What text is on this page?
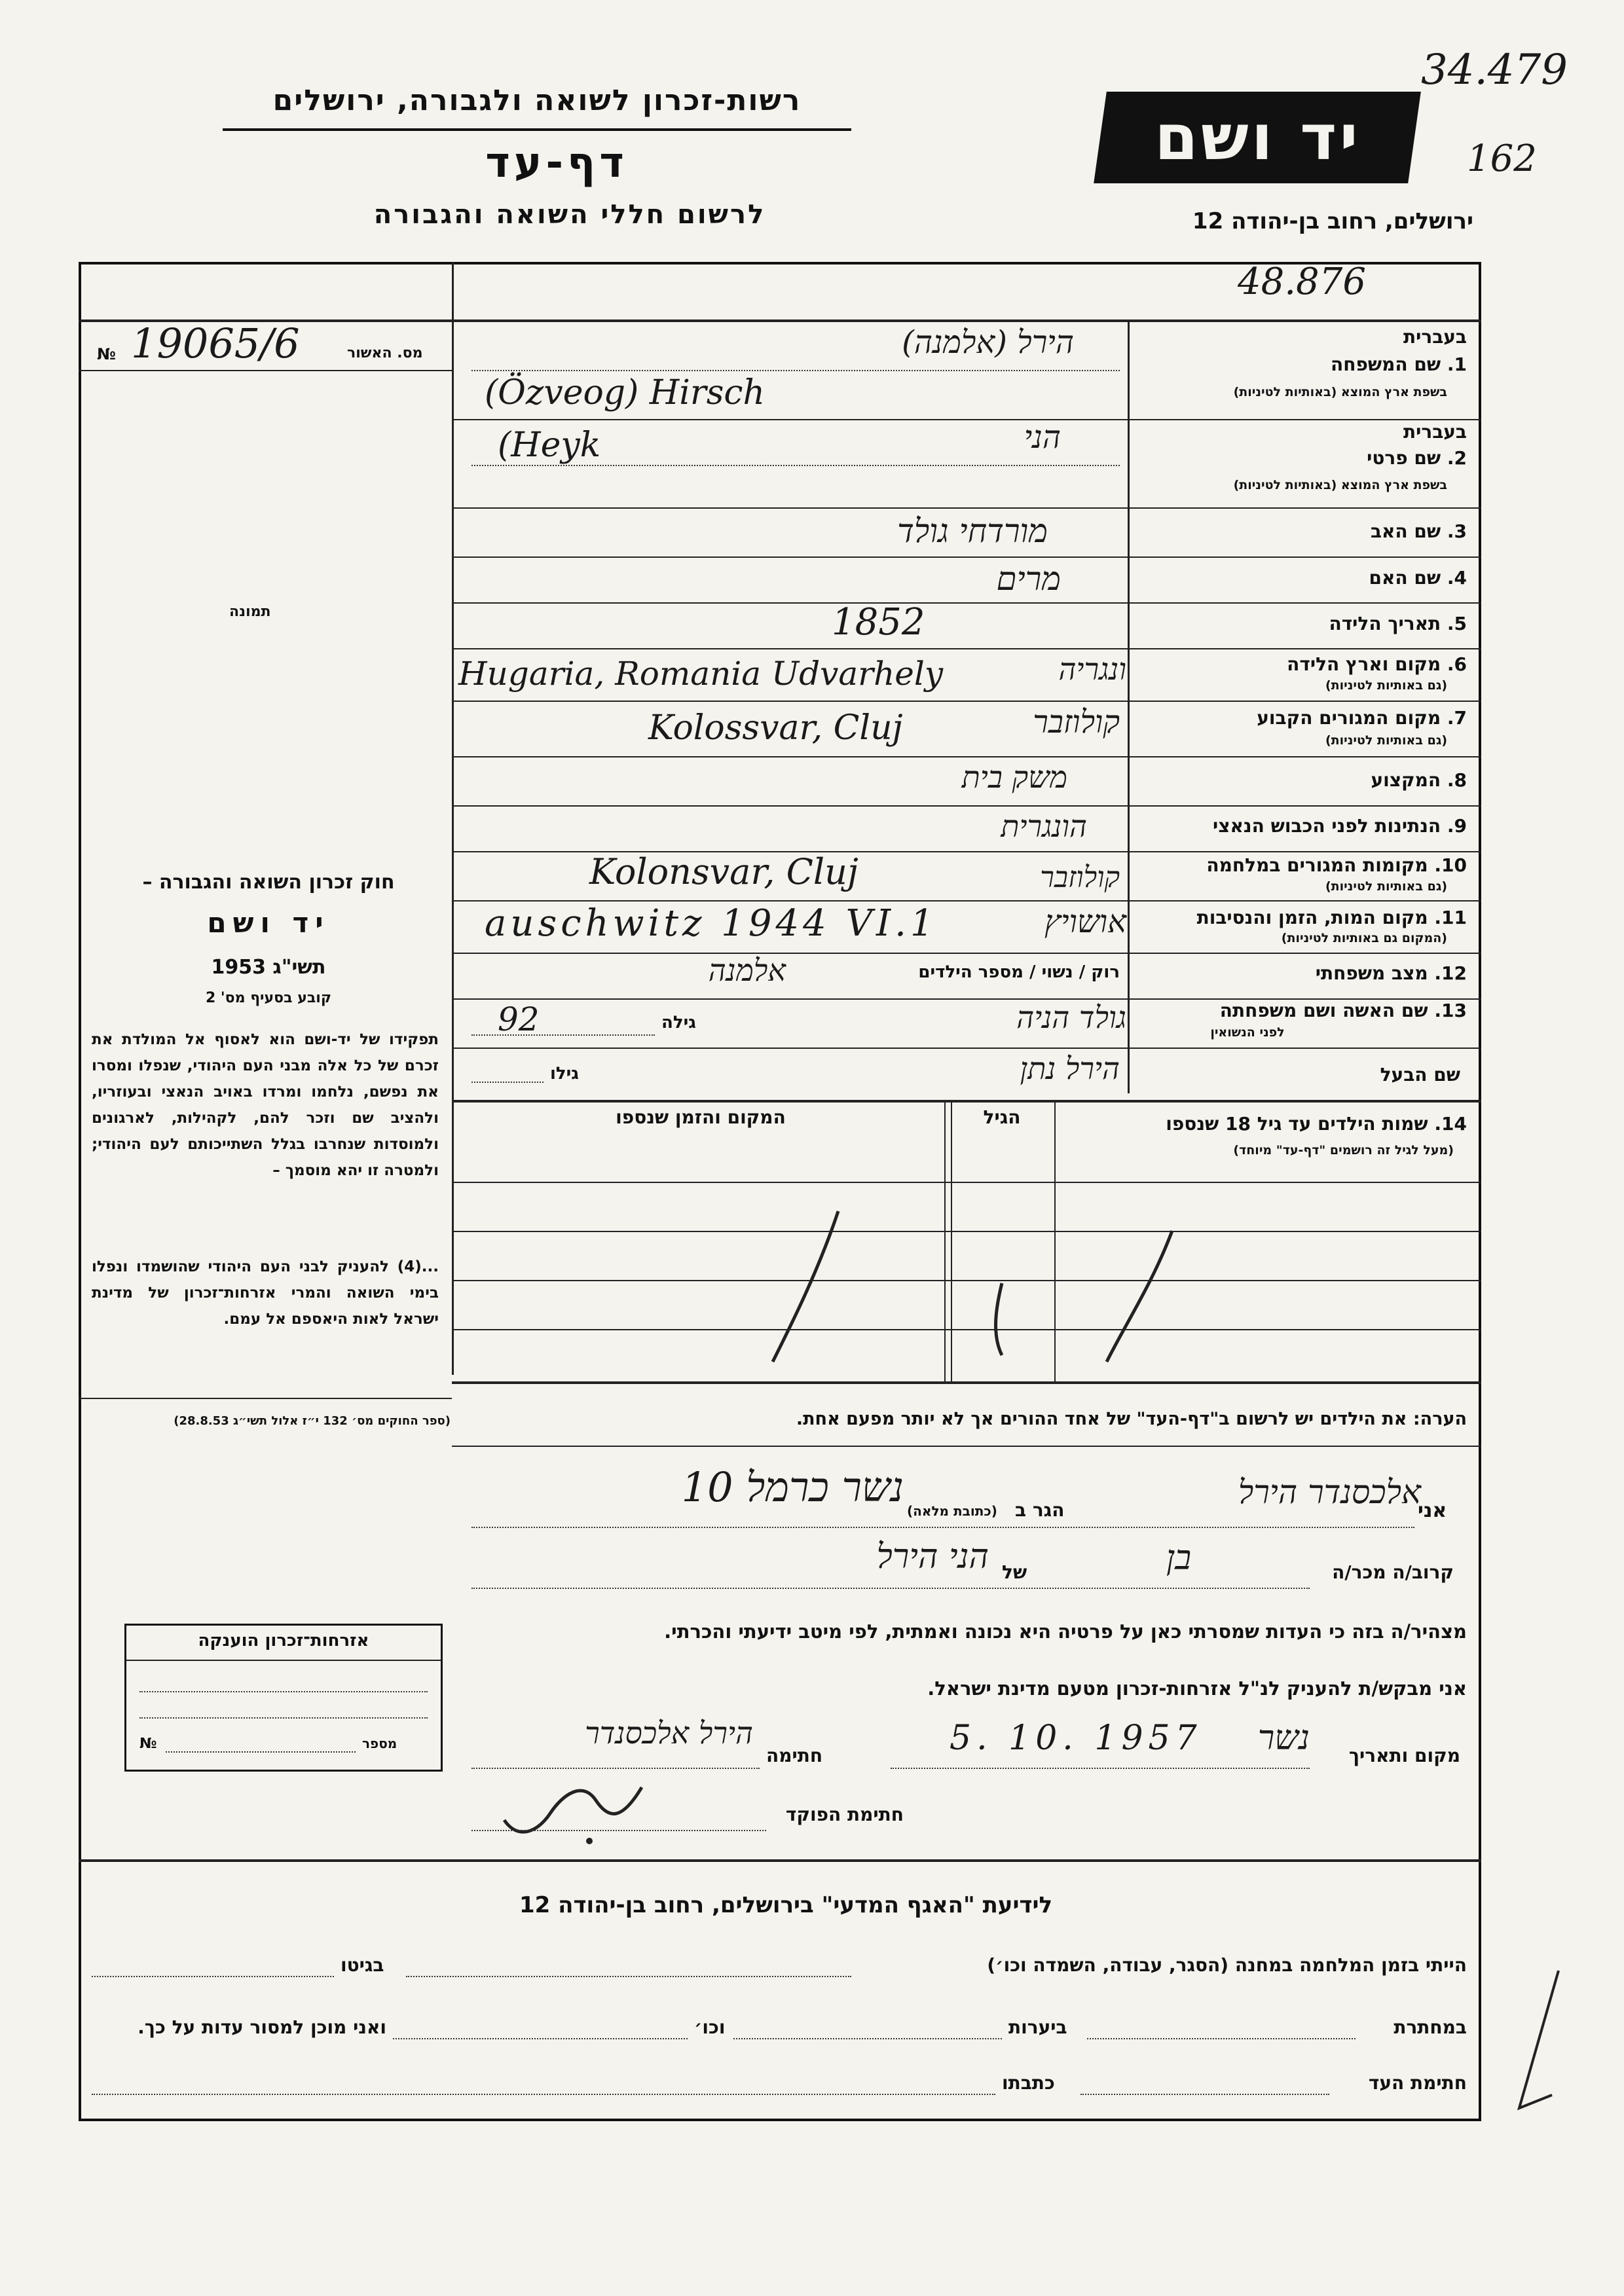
34.479
162
רשות-זכרון לשואה ולגבורה, ירושלים
דף-עד
לרשום חללי השואה והגבורה
יד ושם
ירושלים, רחוב בן-יהודה 12
48.876
מס. האשור
№ 19065/6
תמונה
בעברית
1. שם המשפחה
בשפת ארץ המוצא (באותיות לטיניות)
הירל (אלמנה)
(Özveog) Hirsch
בעברית
2. שם פרטי
בשפת ארץ המוצא (באותיות לטיניות)
הני
(Heyk
3. שם האב
מורדחי גולד
4. שם האם
מרים
5. תאריך הלידה
1852
6. מקום וארץ הלידה
(גם באותיות לטיניות)
ונגריה
Hugaria, Romania Udvarhely
7. מקום המגורים הקבוע
(גם באותיות לטיניות)
קולוזבר
Kolossvar, Cluj
8. המקצוע
משק בית
9. הנתינות לפני הכבוש הנאצי
הונגרית
10. מקומות המגורים במלחמה
(גם באותיות לטיניות)
קולוזבר
Kolonsvar, Cluj
11. מקום המות, הזמן והנסיבות
(המקום גם באותיות לטיניות)
אושויץ
auschwitz 1944 VI.1
12. מצב משפחתי
רוק / נשוי / מספר הילדים
אלמנה
13. שם האשה ושם משפחתה
לפני הנשואין
גולד הניה
גילה
92
שם הבעל
הירל נתן
גילו
14. שמות הילדים עד גיל 18 שנספו
(מעל לגיל זה רושמים "דף-עד" מיוחד)
הגיל
המקום והזמן שנספו
חוק זכרון השואה והגבורה –
יד ושם
תשי"ג 1953
קובע בסעיף מס' 2
תפקידו של יד-ושם הוא לאסוף אל המולדת את זכרם של כל אלה מבני העם היהודי, שנפלו ומסרו את נפשם, נלחמו ומרדו באויב הנאצי ובעוזריו, ולהציב שם וזכר להם, לקהילות, לארגונים ולמוסדות שנחרבו בגלל השתייכותם לעם היהודי; ולמטרה זו יהא מוסמך –
...(4) להעניק לבני העם היהודי שהושמדו ונפלו בימי השואה והמרי אזרחות־זכרון של מדינת ישראל לאות היאספם אל עמם.
(ספר החוקים מס׳ 132 י״ז אלול תשי״ג 28.8.53)	הערה: את הילדים יש לרשום ב"דף-העד" של אחד ההורים אך לא יותר מפעם אחת.
אני
אלכסנדר הירל
הגר ב
(כתובת מלאה)
נשר כרמל 10
קרוב/ה מכר/ה
בן
של
הני הירל
מצהיר/ה בזה כי העדות שמסרתי כאן על פרטיה היא נכונה ואמתית, לפי מיטב ידיעתי והכרתי.
אני מבקש/ת להעניק לנ"ל אזרחות-זכרון מטעם מדינת ישראל.
מקום ותאריך
נשר
5. 10. 1957
חתימה
הירל אלכסנדר
חתימת הפוקד
אזרחות־זכרון הוענקה
מספר
№
לידיעת "האגף המדעי" בירושלים, רחוב בן-יהודה 12
הייתי בזמן המלחמה במחנה (הסגר, עבודה, השמדה וכו׳)
בגיטו
במחתרת
ביערות
וכו׳
ואני מוכן למסור עדות על כך.
חתימת העד
כתבתו
